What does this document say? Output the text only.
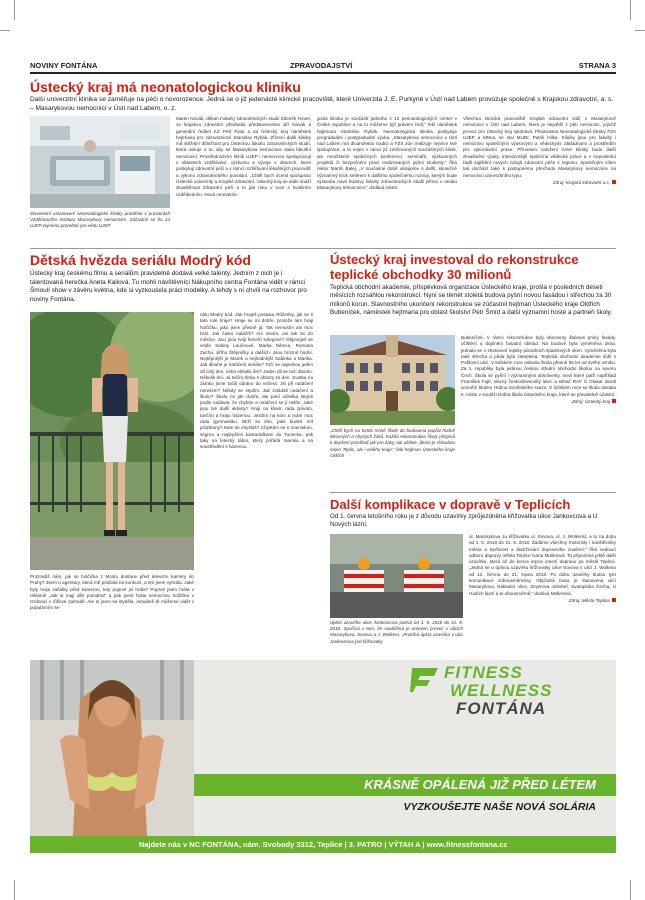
NOVINY FONTÁNA	ZPRAVODAJSTVÍ	STRANA 3
Ústecký kraj má neonatologickou kliniku
Další univerzitní klinika se zaměřuje na péči o novorozence. Jedná se o již jedenácté klinické pracoviště, které Univerzita J. E. Purkyně v Ústí nad Labem provozuje společně s Krajskou zdravotní, a. s. – Masarykovou nemocnicí v Ústí nad Labem, o. z.
Slavnostní ustanovení Neonatologické kliniky proběhlo v prostorách Vzdělávacího institutu Masarykovy nemocnice. Zúčastnil se ho za UJEP zejména prorektor pro vědu UJEP
Martin Novák, děkan Fakulty zdravotnických studií Zdeněk Hovet, za krajskou zdravotní předseda představenstva Jiří Novák a generální ředitel KZ Petr Fiala a za Ústecký kraj náměstek hejtmana pro zdravotnictví Stanislav Rybák. Zřízení další kliniky má stěžejní důležitost pro Ústeckou fakultu zdravotnických studií, která usiluje o to, aby se Masarykova nemocnice stala fakultní nemocnicí. Prostřednictvím kliník UJEP i nemocnice spolupracují v oblastech vzdělávání, výzkumu a vývoje v oborech, které poskytují zdravotní péči a v rámci rozšiřování lékařských pracovišť a výkonu zdravotnického povolání. „Chtěl bych ocenit spolupráci Ústecké univerzity a Krajské zdravotní. Ústecký kraj se stále snaží zkvalitňovat zdravotní péči a to jde ruku v ruce s kvalitním vzděláváním. Nová neonatolo-
gická klinika je součástí jednoho z 12 perinatologických center v České republice a na to můžeme být právem hrdí,“ řekl náměstek hejtmana Stanislav Rybák. Neonatologická klinika poskytuje pregraduální i postgraduální výuku. „Masarykova nemocnice v Ústí nad Labem má dlouholetou tradici a FZS zde realizuje nejvíce své spolupráce, a to nejen v rámci již zmiňovaných součástných klinik, ale množstvím společných konferencí, seminářů, výzkumných projektů či bezpečném praxi realizovaných jejími studenty,“ říká rektor Martin Balej. „V současné době usilujeme o další, skutečně významný krok směrem k dalšímu společnému rozvoji, kterým bude výstavba nové budovy fakulty zdravotnických studií přímo v areálu Masarykovy nemocnice,“ dodává rektor.
Všechna klinická pracoviště Krajské zdravotní sídlí v Masarykově nemocnici v Ústí nad Labem, která je největší z pěti nemocnic, jejichž provoz pro Ústecký kraj sjednává. Přednostou Neonatologické kliniky FZS UJEP a MNUL se stal MUDr. Patrik Hilka. Kliniky jsou pro fakulty i nemocnici společnými výukovými a vědeckými základnami a prostředím pro vykonávání praxe. Přínosem založení nové kliniky bude další zkvalitnění výuky, intenzivnější společná vědecká práce a v neposlední řadě zajištění nových zdrojů zdravotní péče v regionu. Společným cílem tak dochází také k postupnému přechodu Masarykovy nemocnice na nemocnici univerzitního typu.
Zdroj: Krajská zdravotní a.s.
Dětská hvězda seriálu Modrý kód
Ústecký kraj českému filmu a seriálům pravidelně dodává velké talenty. Jedním z nich je i talentovaná herečka Aneta Kailová. Tu mohli návštěvníci Nákupního centra Fontána vidět v rámci Šmoulí show v závěru května, kde si vyzkoušela práci modelky. A tehdy s ní chvíli na rozhovor pro noviny Fontána.
Prozradíš nám, jak se holčička z Mostu dostane před televizní kamery do Prahy? Jsem u agentury, která mě posílala na konkurz, a ten jsem vyhrála. Jaké byly tvoje začátky před kamerou, kdy poprvé jsi hrála? Poprvé jsem hrála v reklamě „Jak si mají děti pomáhat“ a pak jsem hrála nemocnou holčičku v Ordinaci v růžové zahradě. Ale to jsem se styděla. Aktuálně tě můžeme vidět v populárním se-
riálu Modrý kód. Jak hraješ postavu Růženky, jak se ti tato role hraje? Hraje se mi dobře, protože tam hraji holčičku, jako jsem přesně já. Tak nemusím ani moc hrát. Jak často natáčíš? Ani nevím, asi tak 3x do měsíce. Jací jsou tvoji herečtí kolegové? Objevuješ se vedle Sabiny Laurinové, Marka Němce, Romana Zacha, Jiřího Štěpničky a dalších. Jsou hrozně hodní. Nejtěpnější je Marek a nejhodnější Sabinka a Marika. Jak dlouhé je natáčení seriálu? Točí se najednou jeden díl celý den, nebo několik dní? Jeden díl se točí dlouho. Několik dní. Já točím třeba 4 obrazy za den. Svatba na zámku jsme točili odráno do večera. Jsi při natáčení nervózní? Někdy se stydím. Jak zvládáš natáčení a školu? Školu mi jde dobře, ale paní učitelka stejně podle nadávat, že chybím a natáčení se jí nelíbí. Jaké jsou tvé další aktivity? Hraji na klavír, ráda zpívám, tančím a hraju házenou. Jezdím na koni a mám moc ráda gymnastiku. Blíží se léto, jaké budeš mít prázdniny? Kam se chystáš? Chystám se s maminkou, ségrou a nejlepšími kamarádkami do Tunecka, pak taky na letecký tábor, který pořádá mamka a na soustředění s házenou.
Ústecký kraj investoval do rekonstrukce teplické obchodky 30 milionů
Teplická obchodní akademie, příspěvková organizace Ústeckého kraje, prošla v posledních deseti měsících rozsáhlou rekonstrukcí. Nyní se těmět stoletá budova pyšní novou fasádou i střechou za 30 milionů korun. Slavnostního ukončení rekonstrukce se zúčastnil hejtman Ústeckého kraje Oldřich Bubeníček, náměstek hejtmana pro oblast školství Petr Šmíd a další významní hosté a partneři školy.
„Chtěl bych na tomto místě škole do budoucna popřát hodně šikovných a chytrých žáků. Každá rekonstrukce školy přispívá k depšení prostředí jak pro žáky, tak učitele. Škola je chloubou nejen Teplic, ale i celého kraje,“ řekl hejtman Ústeckého kraje Oldřich
Bubeníček. V rámci rekonstrukce byly obnoveny štukové prvky fasády, očištění a doplnění fasádní obklad. Na budově byla vyměněna okna, jednalo se o zhotovení repliky původních špaletových oken. Vyměněna byla také střecha a půda byla zateplena. Teplická obchodní akademie sídlí v Poštovní ulici. V loňském roce oslavila škola přesně 95 let od svého vzniku. Za 1. republiky byla jedinou českou střední obchodní školou na severu Čech. Škola se pyšní i významnými absolventy, mezi které patří například František Fajtl, slavný československý letec a stihač RAF či Otakar Jaroš ocenění titulem Hrdina Sovětského svazu. V loňském roce se škola dostala 6. místo v soutěži Dobrá škola Ústeckého kraje, které se pravidelně účastní.
Zdroj: Ústecký kraj
Další komplikace v dopravě v Teplicích
Od 1. června letošního roku je z důvodu uzavírky zprůjezdněna křižovatka ulice Jankovcova a U Nových lázní.
Úplná uzavírka ulice Jankovcova potrvá od 1. 6. 2018 do 31. 8. 2018. Spočívá v tom, že souběžná je omezen provoz v ulicích Masarykova, Sovova a J. Wolkera. „Probíhá úplná uzavírka v ulici Jankovcova (od křižovatky
ul. Masarykova za křižovatku ul. Sovova, ul. J. Wolkera), a to na dobu od 1. 6. 2018 do 31. 8. 2018. Žádáme všechny motoristy i návštěvníky města o trpělivost a dodržování dopravního značení,“ říká vedoucí odboru dopravy města Teplice Ivana Müllerová. Ta připomíná ještě další uzavírku, která až do konce srpna omezí dopravu po městě Teplice. „Jedná se o úplnou uzavírku křižovatky ulice Sovova s ulicí J. Wolkera od 12. června do 31. srpna 2018. Po dobu uzavírky budou tyto komunikace zobousměrněny. Objízdná trasa je stanovena ulicí Masarykova, Nákladní ulice, Zeyerova náměstí, Svatopluka Čecha, U Hadích lázní a to obousměrně,“ dodává Müllerová.
Zdroj: Město Teplice
FITNESS
WELLNESS
FONTÁNA
KRÁSNĚ OPÁLENÁ JIŽ PŘED LÉTEM
VYZKOUŠEJTE NAŠE NOVÁ SOLÁRIA
Najdete nás v NC FONTÁNA, nám. Svobody 3312, Teplice | 3. PATRO | VÝTAH A | www.fitnessfontana.cz
